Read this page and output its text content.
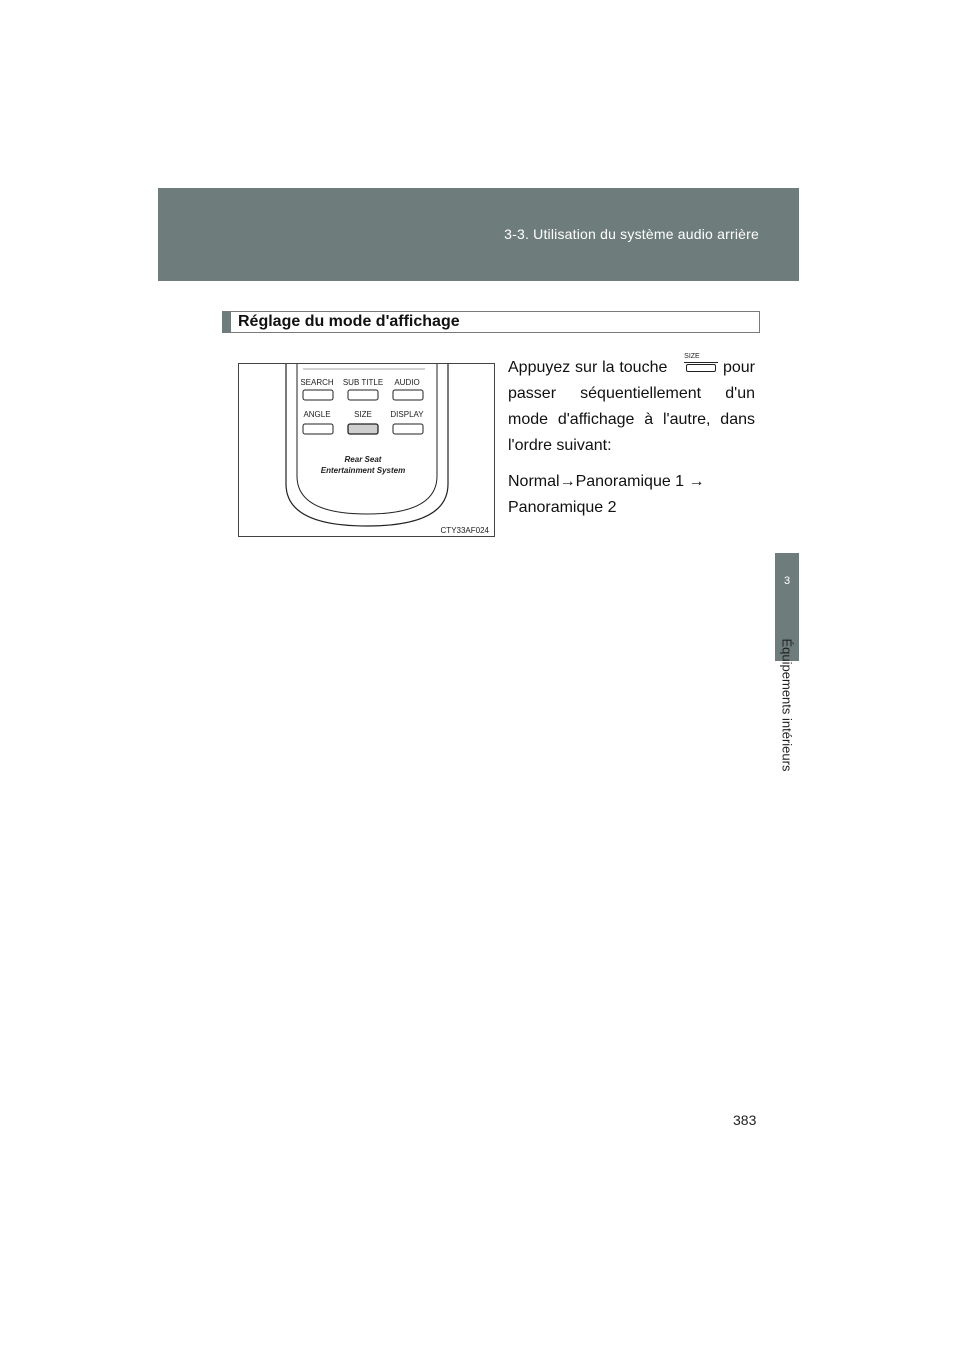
3-3. Utilisation du système audio arrière
3
Équipements intérieurs
Réglage du mode d'affichage
SEARCH SUB TITLE AUDIO
ANGLE	SIZE DISPLAY
Rear Seat
Entertainment System
CTY33AF024
Appuyez sur la touche
SIZE
pour passer séquentiellement d'un mode d'affichage à l'autre, dans l'ordre suivant:
Normal→Panoramique 1 →
Panoramique 2
383
